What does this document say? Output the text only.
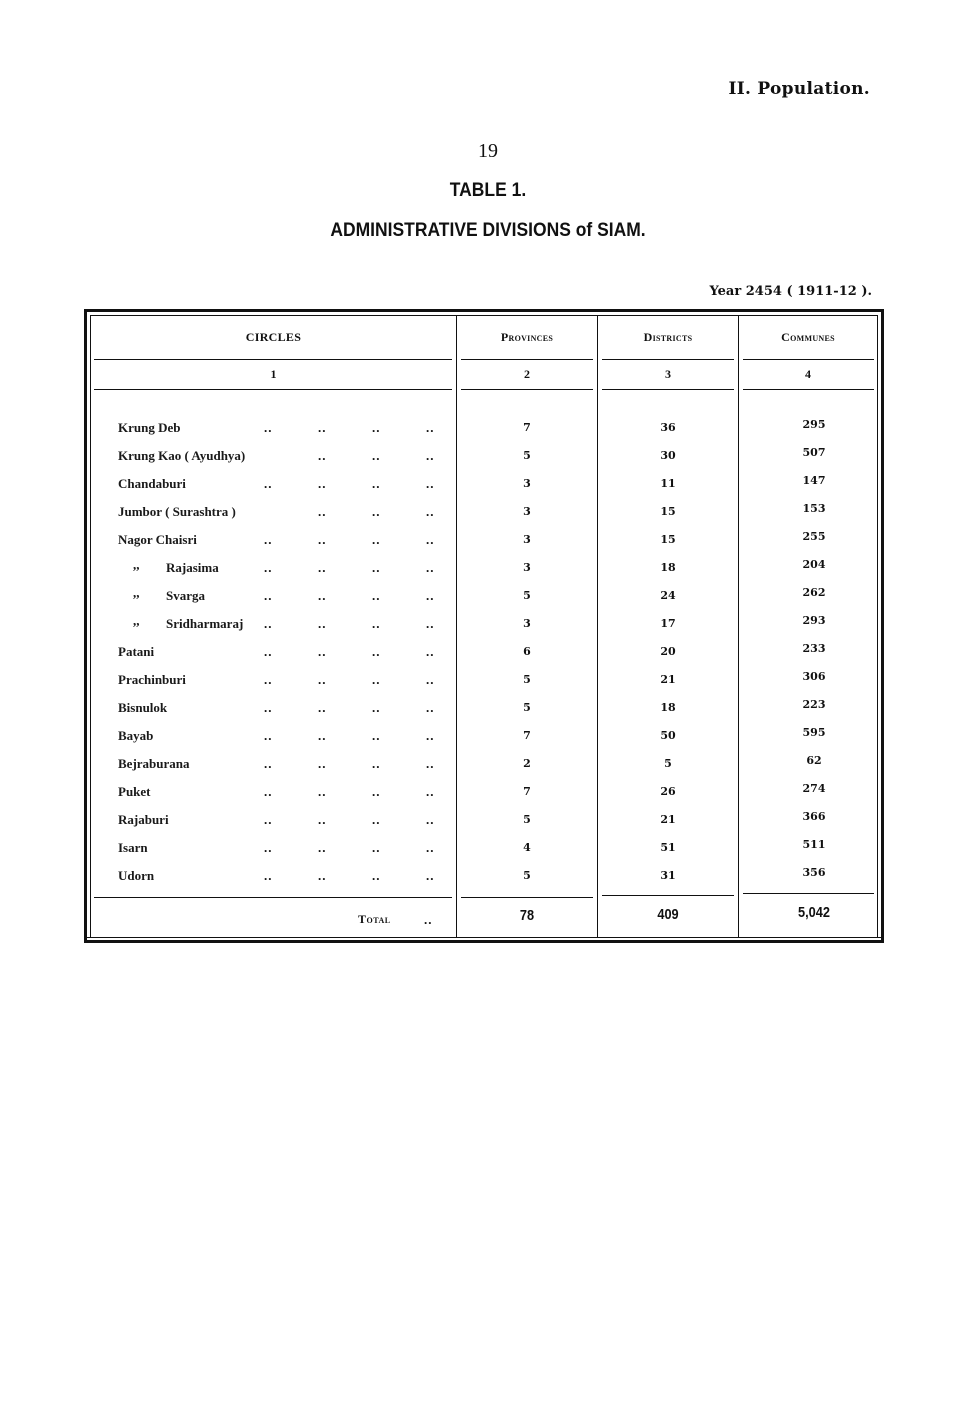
II. Population.
19
TABLE 1.
ADMINISTRATIVE DIVISIONS of SIAM.
Year 2454 ( 1911-12 ).
CIRCLES	Provinces	Districts	Communes
1	2	3	4
Krung Deb	..	..	..	..	7	36	295
Krung Kao ( Ayudhya)	..	..	..	5	30	507
Chandaburi	..	..	..	..	3	11	147
Jumbor ( Surashtra )	..	..	..	3	15	153
Nagor Chaisri	..	..	..	..	3	15	255
,, Rajasima	..	..	..	..	3	18	204
,, Svarga	..	..	..	..	5	24	262
,, Sridharmaraj ..	..	..	..	3	17	293
Patani	..	..	..	..	6	20	233
Prachinburi	..	..	..	..	5	21	306
Bisnulok	..	..	..	..	5	18	223
Bayab	..	..	..	..	7	50	595
Bejraburana	..	..	..	..	2	5	62
Puket	..	..	..	..	7	26	274
Rajaburi	..	..	..	..	5	21	366
Isarn	..	..	..	..	4	51	511
Udorn	..	..	..	..	5	31	356
Total	..	78	409	5,042
